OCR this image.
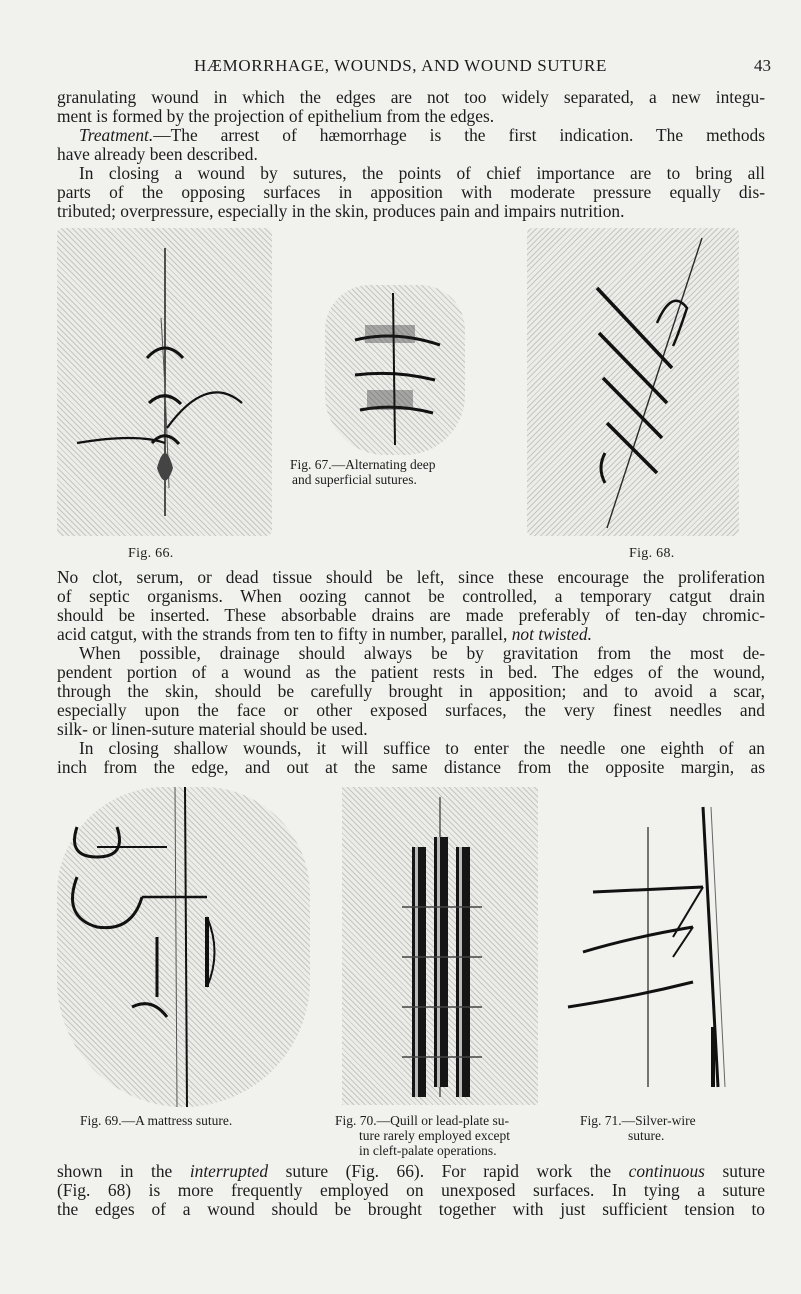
HÆMORRHAGE, WOUNDS, AND WOUND SUTURE	43
granulating wound in which the edges are not too widely separated, a new integu-
ment is formed by the projection of epithelium from the edges.
Treatment.—The arrest of hæmorrhage is the first indication. The methods
have already been described.
In closing a wound by sutures, the points of chief importance are to bring all
parts of the opposing surfaces in apposition with moderate pressure equally dis-
tributed; overpressure, especially in the skin, produces pain and impairs nutrition.
Fig. 66.
Fig. 67.—Alternating deep
and superficial sutures.
Fig. 68.
No clot, serum, or dead tissue should be left, since these encourage the proliferation
of septic organisms. When oozing cannot be controlled, a temporary catgut drain
should be inserted. These absorbable drains are made preferably of ten-day chromic-
acid catgut, with the strands from ten to fifty in number, parallel, not twisted.
When possible, drainage should always be by gravitation from the most de-
pendent portion of a wound as the patient rests in bed. The edges of the wound,
through the skin, should be carefully brought in apposition; and to avoid a scar,
especially upon the face or other exposed surfaces, the very finest needles and
silk- or linen-suture material should be used.
In closing shallow wounds, it will suffice to enter the needle one eighth of an
inch from the edge, and out at the same distance from the opposite margin, as
Fig. 69.—A mattress suture.	Fig. 70.—Quill or lead-plate su-
ture rarely employed except
in cleft-palate operations.
Fig. 71.—Silver-wire
suture.
shown in the interrupted suture (Fig. 66). For rapid work the continuous suture
(Fig. 68) is more frequently employed on unexposed surfaces. In tying a suture
the edges of a wound should be brought together with just sufficient tension to
